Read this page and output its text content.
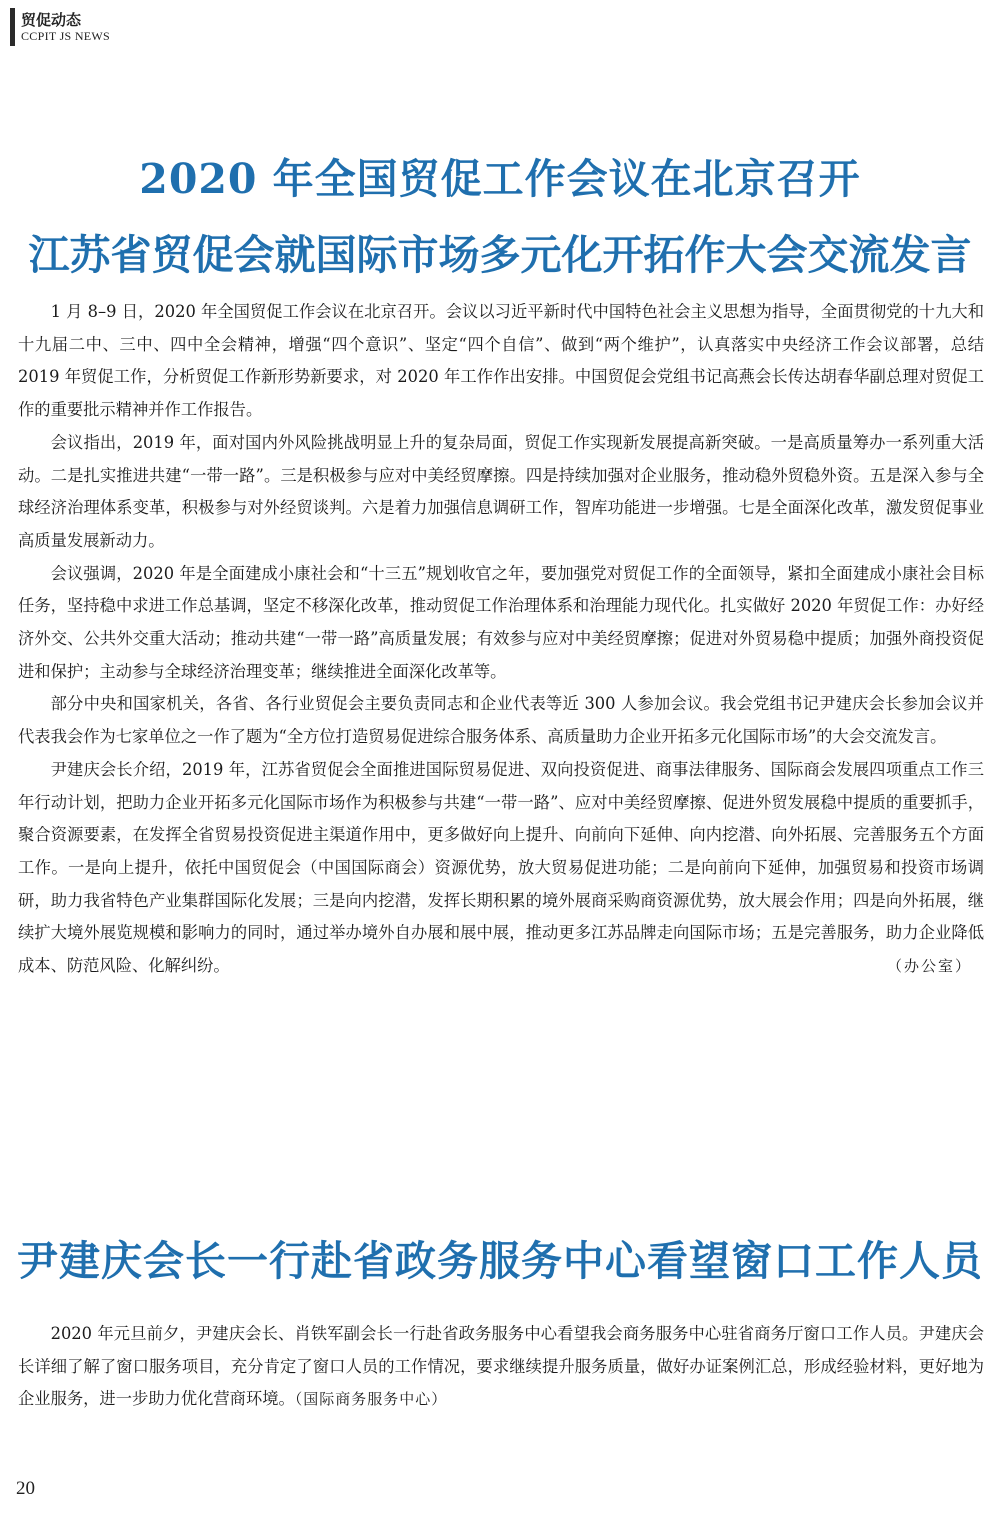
贸促动态
CCPIT JS NEWS
2020 年全国贸促工作会议在北京召开
江苏省贸促会就国际市场多元化开拓作大会交流发言

1 月 8–9 日，2020 年全国贸促工作会议在北京召开。会议以习近平新时代中国特色社会主义思想为指导，全面贯彻党的十九大和十九届二中、三中、四中全会精神，增强“四个意识”、坚定“四个自信”、做到“两个维护”，认真落实中央经济工作会议部署，总结 2019 年贸促工作，分析贸促工作新形势新要求，对 2020 年工作作出安排。中国贸促会党组书记高燕会长传达胡春华副总理对贸促工作的重要批示精神并作工作报告。

会议指出，2019 年，面对国内外风险挑战明显上升的复杂局面，贸促工作实现新发展提高新突破。一是高质量筹办一系列重大活动。二是扎实推进共建“一带一路”。三是积极参与应对中美经贸摩擦。四是持续加强对企业服务，推动稳外贸稳外资。五是深入参与全球经济治理体系变革，积极参与对外经贸谈判。六是着力加强信息调研工作，智库功能进一步增强。七是全面深化改革，激发贸促事业高质量发展新动力。

会议强调，2020 年是全面建成小康社会和“十三五”规划收官之年，要加强党对贸促工作的全面领导，紧扣全面建成小康社会目标任务，坚持稳中求进工作总基调，坚定不移深化改革，推动贸促工作治理体系和治理能力现代化。扎实做好 2020 年贸促工作：办好经济外交、公共外交重大活动；推动共建“一带一路”高质量发展；有效参与应对中美经贸摩擦；促进对外贸易稳中提质；加强外商投资促进和保护；主动参与全球经济治理变革；继续推进全面深化改革等。

部分中央和国家机关，各省、各行业贸促会主要负责同志和企业代表等近 300 人参加会议。我会党组书记尹建庆会长参加会议并代表我会作为七家单位之一作了题为“全方位打造贸易促进综合服务体系、高质量助力企业开拓多元化国际市场”的大会交流发言。

尹建庆会长介绍，2019 年，江苏省贸促会全面推进国际贸易促进、双向投资促进、商事法律服务、国际商会发展四项重点工作三年行动计划，把助力企业开拓多元化国际市场作为积极参与共建“一带一路”、应对中美经贸摩擦、促进外贸发展稳中提质的重要抓手，聚合资源要素，在发挥全省贸易投资促进主渠道作用中，更多做好向上提升、向前向下延伸、向内挖潜、向外拓展、完善服务五个方面工作。一是向上提升，依托中国贸促会（中国国际商会）资源优势，放大贸易促进功能；二是向前向下延伸，加强贸易和投资市场调研，助力我省特色产业集群国际化发展；三是向内挖潜，发挥长期积累的境外展商采购商资源优势，放大展会作用；四是向外拓展，继续扩大境外展览规模和影响力的同时，通过举办境外自办展和展中展，推动更多江苏品牌走向国际市场；五是完善服务，助力企业降低成本、防范风险、化解纠纷。	（办公室）

尹建庆会长一行赴省政务服务中心看望窗口工作人员

2020 年元旦前夕，尹建庆会长、肖铁军副会长一行赴省政务服务中心看望我会商务服务中心驻省商务厅窗口工作人员。尹建庆会长详细了解了窗口服务项目，充分肯定了窗口人员的工作情况，要求继续提升服务质量，做好办证案例汇总，形成经验材料，更好地为企业服务，进一步助力优化营商环境。（国际商务服务中心）

20
